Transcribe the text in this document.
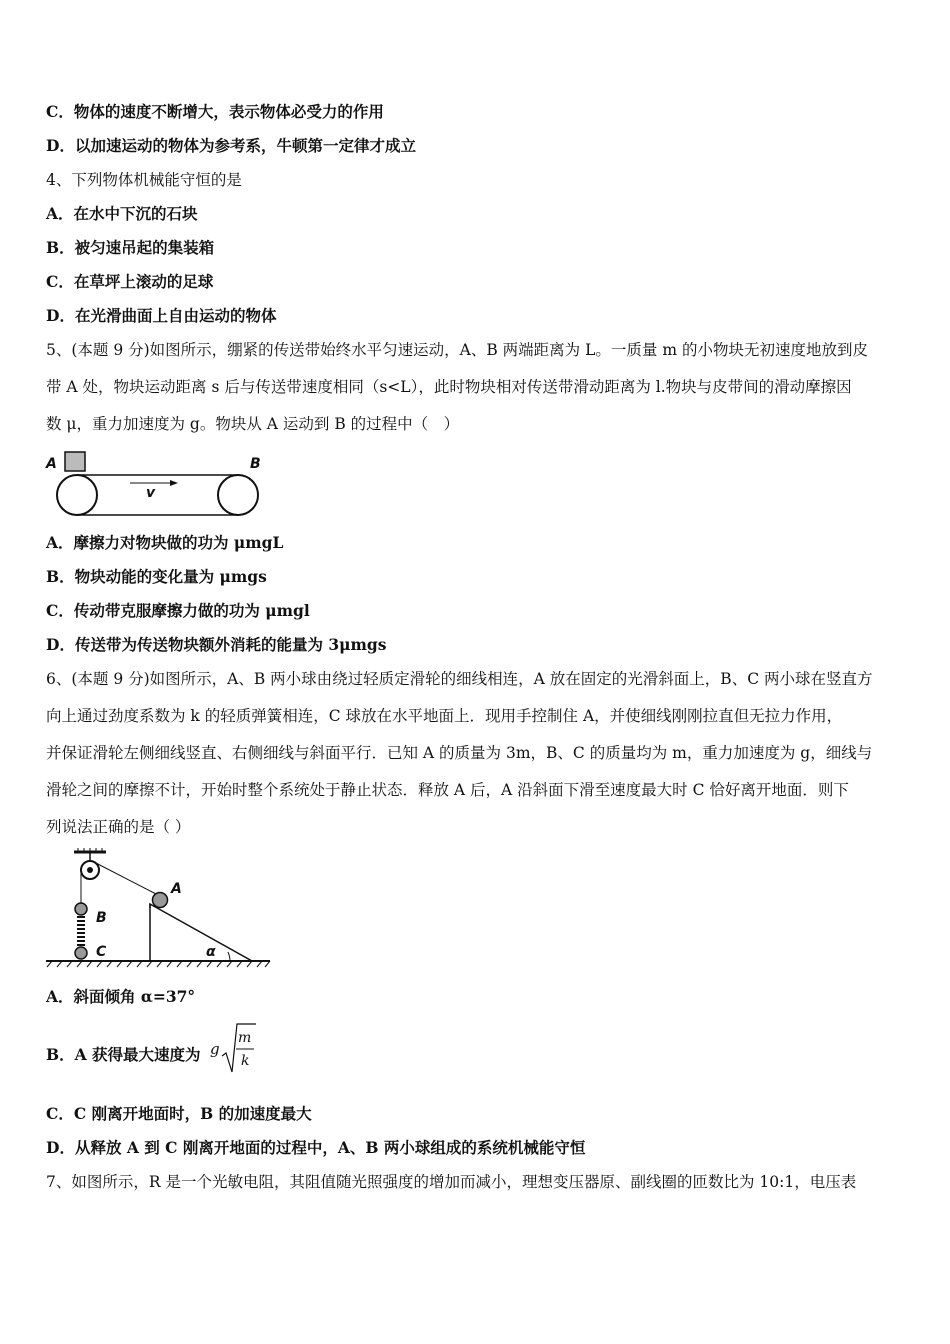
C．物体的速度不断增大，表示物体必受力的作用
D．以加速运动的物体为参考系，牛顿第一定律才成立
4、下列物体机械能守恒的是
A．在水中下沉的石块
B．被匀速吊起的集装箱
C．在草坪上滚动的足球
D．在光滑曲面上自由运动的物体
5、(本题 9 分)如图所示，绷紧的传送带始终水平匀速运动，A、B 两端距离为 L。一质量 m 的小物块无初速度地放到皮
带 A 处，物块运动距离 s 后与传送带速度相同（s<L），此时物块相对传送带滑动距离为 l.物块与皮带间的滑动摩擦因
数 μ，重力加速度为 g。物块从 A 运动到 B 的过程中（　）
A	B
v
A．摩擦力对物块做的功为 μmgL
B．物块动能的变化量为 μmgs
C．传动带克服摩擦力做的功为 μmgl
D．传送带为传送物块额外消耗的能量为 3μmgs
6、(本题 9 分)如图所示，A、B 两小球由绕过轻质定滑轮的细线相连，A 放在固定的光滑斜面上，B、C 两小球在竖直方
向上通过劲度系数为 k 的轻质弹簧相连，C 球放在水平地面上．现用手控制住 A，并使细线刚刚拉直但无拉力作用，
并保证滑轮左侧细线竖直、右侧细线与斜面平行．已知 A 的质量为 3m，B、C 的质量均为 m，重力加速度为 g，细线与
滑轮之间的摩擦不计，开始时整个系统处于静止状态．释放 A 后，A 沿斜面下滑至速度最大时 C 恰好离开地面．则下
列说法正确的是（ ）
A
B
C	α
A．斜面倾角 α=37°
B．A 获得最大速度为 g
m
k
C．C 刚离开地面时，B 的加速度最大
D．从释放 A 到 C 刚离开地面的过程中，A、B 两小球组成的系统机械能守恒
7、如图所示，R 是一个光敏电阻，其阻值随光照强度的增加而减小，理想变压器原、副线圈的匝数比为 10:1，电压表
